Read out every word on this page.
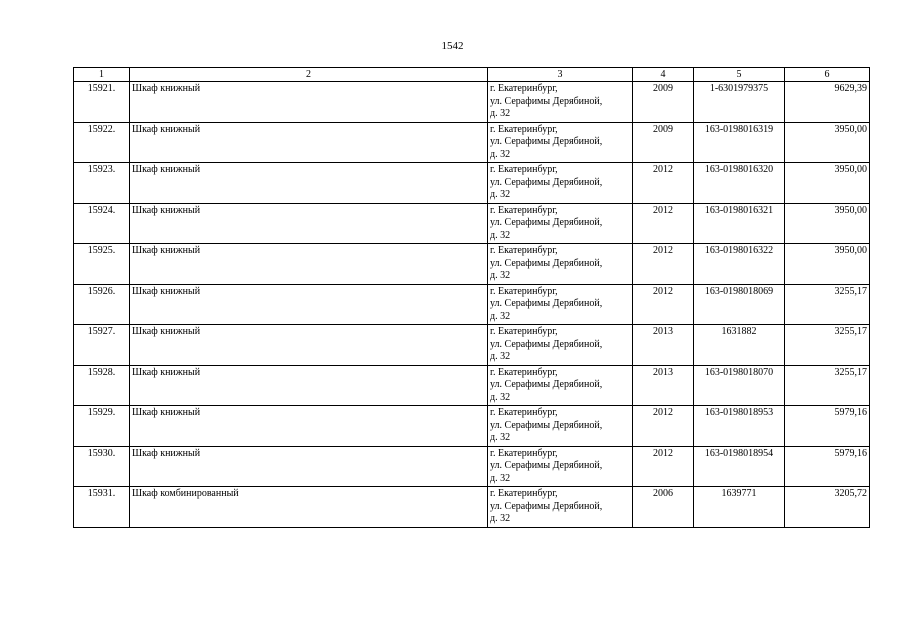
1542
1	2	3	4	5	6
15921.	Шкаф книжный	г. Екатеринбург,
ул. Серафимы Дерябиной,
д. 32	2009	1-6301979375	9629,39
15922.	Шкаф книжный	г. Екатеринбург,
ул. Серафимы Дерябиной,
д. 32	2009	163-0198016319	3950,00
15923.	Шкаф книжный	г. Екатеринбург,
ул. Серафимы Дерябиной,
д. 32	2012	163-0198016320	3950,00
15924.	Шкаф книжный	г. Екатеринбург,
ул. Серафимы Дерябиной,
д. 32	2012	163-0198016321	3950,00
15925.	Шкаф книжный	г. Екатеринбург,
ул. Серафимы Дерябиной,
д. 32	2012	163-0198016322	3950,00
15926.	Шкаф книжный	г. Екатеринбург,
ул. Серафимы Дерябиной,
д. 32	2012	163-0198018069	3255,17
15927.	Шкаф книжный	г. Екатеринбург,
ул. Серафимы Дерябиной,
д. 32	2013	1631882	3255,17
15928.	Шкаф книжный	г. Екатеринбург,
ул. Серафимы Дерябиной,
д. 32	2013	163-0198018070	3255,17
15929.	Шкаф книжный	г. Екатеринбург,
ул. Серафимы Дерябиной,
д. 32	2012	163-0198018953	5979,16
15930.	Шкаф книжный	г. Екатеринбург,
ул. Серафимы Дерябиной,
д. 32	2012	163-0198018954	5979,16
15931.	Шкаф комбинированный	г. Екатеринбург,
ул. Серафимы Дерябиной,
д. 32	2006	1639771	3205,72
